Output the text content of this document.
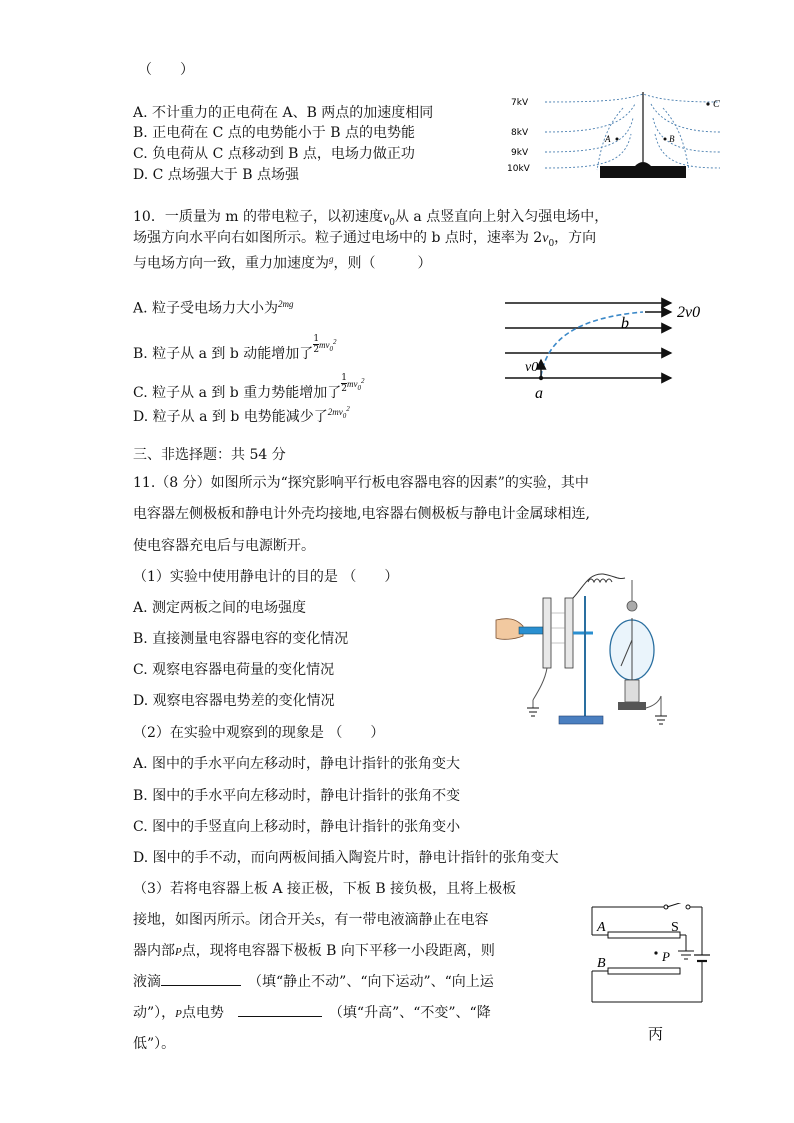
（　　）
A. 不计重力的正电荷在 A、B 两点的加速度相同
B. 正电荷在 C 点的电势能小于 B 点的电势能
C. 负电荷从 C 点移动到 B 点，电场力做正功
D. C 点场强大于 B 点场强
7kV
8kV
9kV
10kV
A	B
C
10．一质量为 m 的带电粒子，以初速度$v_0$从 a 点竖直向上射入匀强电场中，
场强方向水平向右如图所示。粒子通过电场中的 b 点时，速率为 $2v_0$，方向
与电场方向一致，重力加速度为$^g$，则（　　　）
A. 粒子受电场力大小为$^{2mg}$
B. 粒子从 a 到 b 动能增加了 $\frac{1}{2} ^{mv_0^2}$
C. 粒子从 a 到 b 重力势能增加了 $\frac{1}{2} ^{mv_0^2}$
D. 粒子从 a 到 b 电势能减少了$^{2mv_0^2}$
2v0
b
v0
a
三、非选择题：共 54 分
11.（8 分）如图所示为“探究影响平行板电容器电容的因素”的实验，其中
电容器左侧极板和静电计外壳均接地,电容器右侧极板与静电计金属球相连,
使电容器充电后与电源断开。
（1）实验中使用静电计的目的是 （　　）
A. 测定两板之间的电场强度
B. 直接测量电容器电容的变化情况
C. 观察电容器电荷量的变化情况
D. 观察电容器电势差的变化情况
（2）在实验中观察到的现象是 （　　）
A. 图中的手水平向左移动时，静电计指针的张角变大
B. 图中的手水平向左移动时，静电计指针的张角不变
C. 图中的手竖直向上移动时，静电计指针的张角变小
D. 图中的手不动，而向两板间插入陶瓷片时，静电计指针的张角变大
（3）若将电容器上板 A 接正极，下板 B 接负极，且将上极板
接地，如图丙所示。闭合开关S，有一带电液滴静止在电容
器内部P点，现将电容器下极板 B 向下平移一小段距离，则
液滴　	（填“静止不动”、“向下运动”、“向上运
动”），P点电势　　	（填“升高”、“不变”、“降
低”）。
A
B
S
P
丙
